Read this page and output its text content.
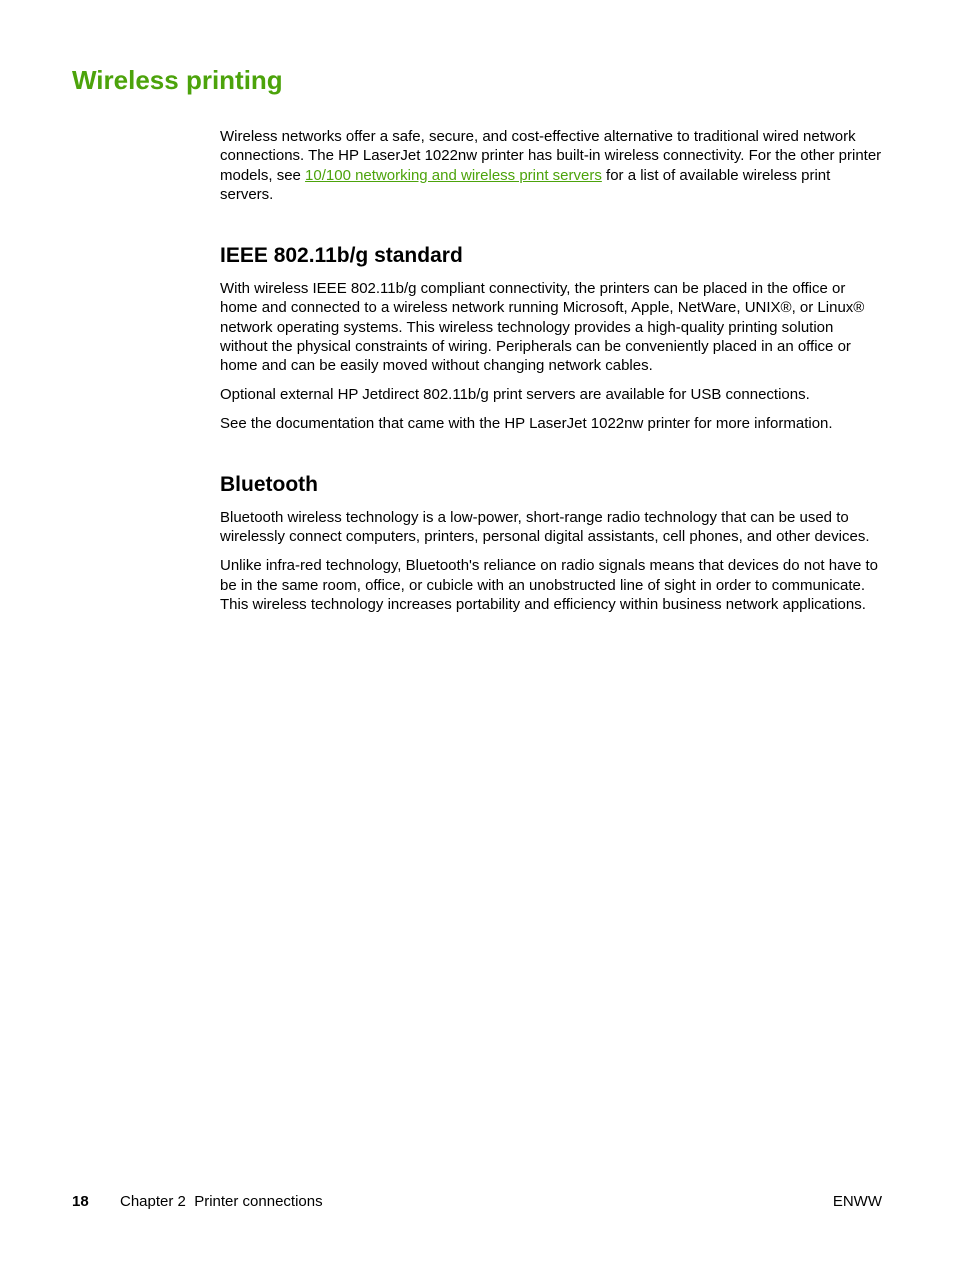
Wireless printing

Wireless networks offer a safe, secure, and cost-effective alternative to traditional wired network connections. The HP LaserJet 1022nw printer has built-in wireless connectivity. For the other printer models, see 10/100 networking and wireless print servers for a list of available wireless print servers.

IEEE 802.11b/g standard

With wireless IEEE 802.11b/g compliant connectivity, the printers can be placed in the office or home and connected to a wireless network running Microsoft, Apple, NetWare, UNIX®, or Linux® network operating systems. This wireless technology provides a high-quality printing solution without the physical constraints of wiring. Peripherals can be conveniently placed in an office or home and can be easily moved without changing network cables.

Optional external HP Jetdirect 802.11b/g print servers are available for USB connections.

See the documentation that came with the HP LaserJet 1022nw printer for more information.

Bluetooth

Bluetooth wireless technology is a low-power, short-range radio technology that can be used to wirelessly connect computers, printers, personal digital assistants, cell phones, and other devices.

Unlike infra-red technology, Bluetooth's reliance on radio signals means that devices do not have to be in the same room, office, or cubicle with an unobstructed line of sight in order to communicate. This wireless technology increases portability and efficiency within business network applications.

18 Chapter 2  Printer connections	ENWW
